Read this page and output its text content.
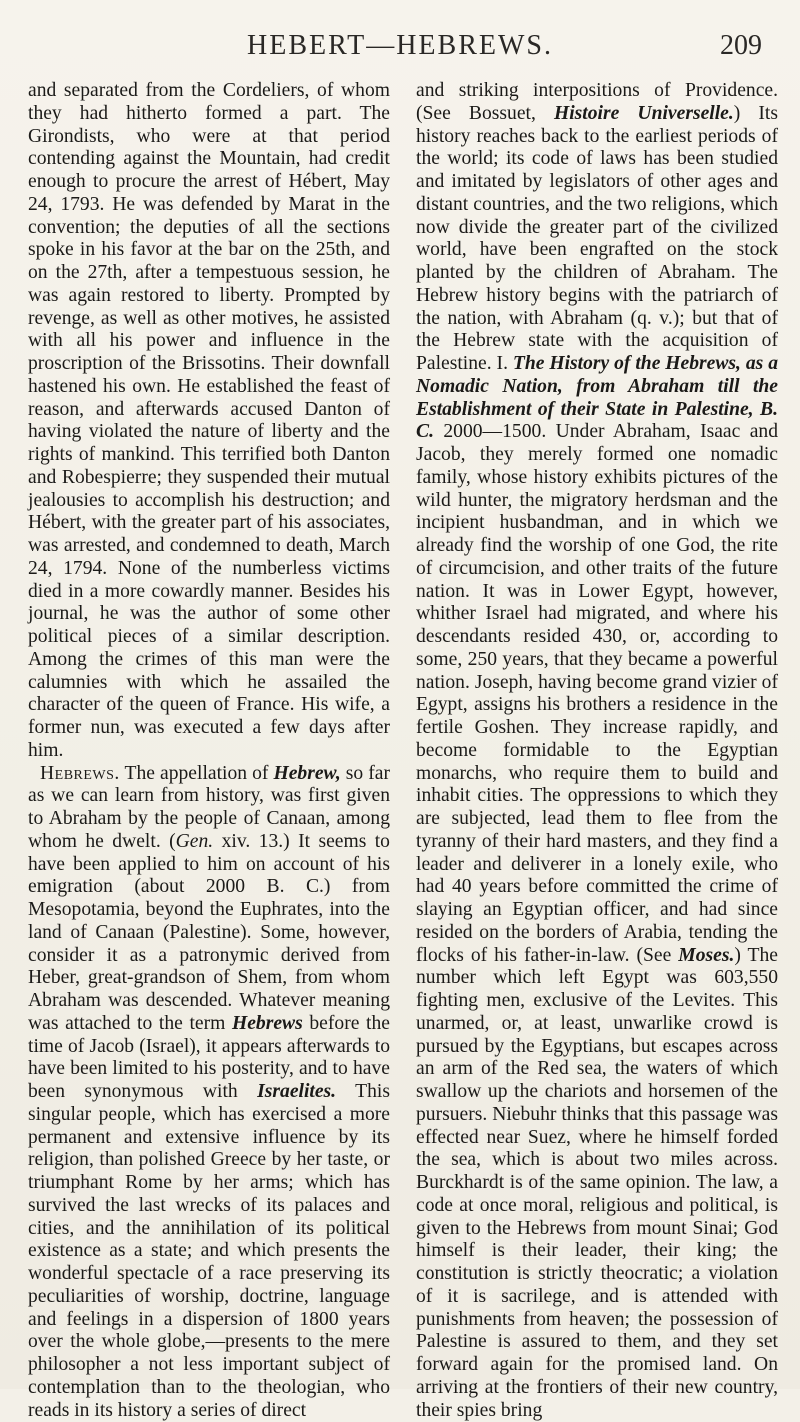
HEBERT—HEBREWS.	209

and separated from the Cordeliers, of whom they had hitherto formed a part. The Girondists, who were at that period contending against the Mountain, had credit enough to procure the arrest of Hébert, May 24, 1793. He was defended by Marat in the convention; the deputies of all the sections spoke in his favor at the bar on the 25th, and on the 27th, after a tempestuous session, he was again restored to liberty. Prompted by revenge, as well as other motives, he assisted with all his power and influence in the proscription of the Brissotins. Their downfall hastened his own. He established the feast of reason, and afterwards accused Danton of having violated the nature of liberty and the rights of mankind. This terrified both Danton and Robespierre; they suspended their mutual jealousies to accomplish his destruction; and Hébert, with the greater part of his associates, was arrested, and condemned to death, March 24, 1794. None of the numberless victims died in a more cowardly manner. Besides his journal, he was the author of some other political pieces of a similar description. Among the crimes of this man were the calumnies with which he assailed the character of the queen of France. His wife, a former nun, was executed a few days after him.

Hebrews. The appellation of Hebrew, so far as we can learn from history, was first given to Abraham by the people of Canaan, among whom he dwelt. (Gen. xiv. 13.) It seems to have been applied to him on account of his emigration (about 2000 B. C.) from Mesopotamia, beyond the Euphrates, into the land of Canaan (Palestine). Some, however, consider it as a patronymic derived from Heber, great-grandson of Shem, from whom Abraham was descended. Whatever meaning was attached to the term Hebrews before the time of Jacob (Israel), it appears afterwards to have been limited to his posterity, and to have been synonymous with Israelites. This singular people, which has exercised a more permanent and extensive influence by its religion, than polished Greece by her taste, or triumphant Rome by her arms; which has survived the last wrecks of its palaces and cities, and the annihilation of its political existence as a state; and which presents the wonderful spectacle of a race preserving its peculiarities of worship, doctrine, language and feelings in a dispersion of 1800 years over the whole globe,—presents to the mere philosopher a not less important subject of contemplation than to the theologian, who reads in its history a series of direct

and striking interpositions of Providence. (See Bossuet, Histoire Universelle.) Its history reaches back to the earliest periods of the world; its code of laws has been studied and imitated by legislators of other ages and distant countries, and the two religions, which now divide the greater part of the civilized world, have been engrafted on the stock planted by the children of Abraham. The Hebrew history begins with the patriarch of the nation, with Abraham (q. v.); but that of the Hebrew state with the acquisition of Palestine. I. The History of the Hebrews, as a Nomadic Nation, from Abraham till the Establishment of their State in Palestine, B. C. 2000—1500. Under Abraham, Isaac and Jacob, they merely formed one nomadic family, whose history exhibits pictures of the wild hunter, the migratory herdsman and the incipient husbandman, and in which we already find the worship of one God, the rite of circumcision, and other traits of the future nation. It was in Lower Egypt, however, whither Israel had migrated, and where his descendants resided 430, or, according to some, 250 years, that they became a powerful nation. Joseph, having become grand vizier of Egypt, assigns his brothers a residence in the fertile Goshen. They increase rapidly, and become formidable to the Egyptian monarchs, who require them to build and inhabit cities. The oppressions to which they are subjected, lead them to flee from the tyranny of their hard masters, and they find a leader and deliverer in a lonely exile, who had 40 years before committed the crime of slaying an Egyptian officer, and had since resided on the borders of Arabia, tending the flocks of his father-in-law. (See Moses.) The number which left Egypt was 603,550 fighting men, exclusive of the Levites. This unarmed, or, at least, unwarlike crowd is pursued by the Egyptians, but escapes across an arm of the Red sea, the waters of which swallow up the chariots and horsemen of the pursuers. Niebuhr thinks that this passage was effected near Suez, where he himself forded the sea, which is about two miles across. Burckhardt is of the same opinion. The law, a code at once moral, religious and political, is given to the Hebrews from mount Sinai; God himself is their leader, their king; the constitution is strictly theocratic; a violation of it is sacrilege, and is attended with punishments from heaven; the possession of Palestine is assured to them, and they set forward again for the promised land. On arriving at the frontiers of their new country, their spies bring
